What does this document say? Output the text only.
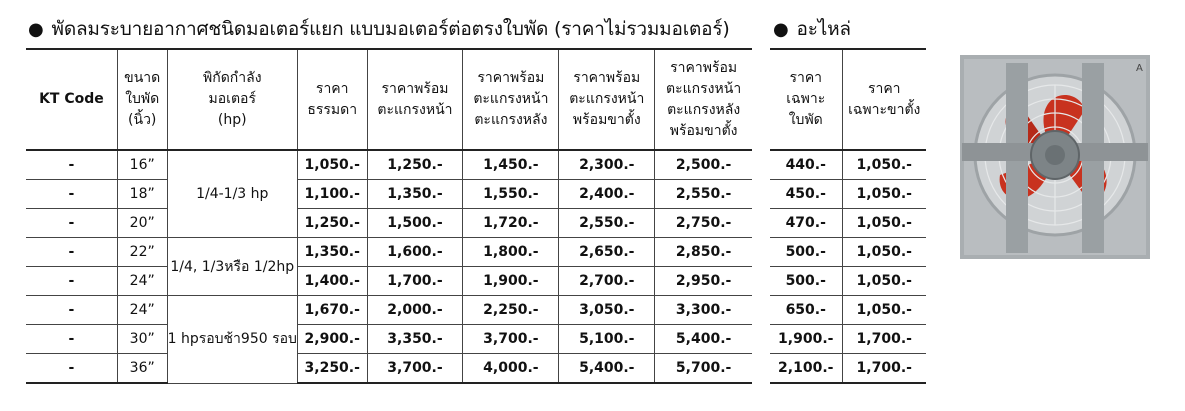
● พัดลมระบายอากาศชนิดมอเตอร์แยก แบบมอเตอร์ต่อตรงใบพัด (ราคาไม่รวมมอเตอร์) ● อะไหล่
KT Code	ขนาด
ใบพัด
(นิ้ว)	พิกัดกำลัง
มอเตอร์
(hp)	ราคา
ธรรมดา	ราคาพร้อม
ตะแกรงหน้า	ราคาพร้อม
ตะแกรงหน้า
ตะแกรงหลัง	ราคาพร้อม
ตะแกรงหน้า
พร้อมขาตั้ง	ราคาพร้อม
ตะแกรงหน้า
ตะแกรงหลัง
พร้อมขาตั้ง

-	16”	1/4-1/3 hp	1,050.-	1,250.-	1,450.-	2,300.-	2,500.-
-	18”		1,100.-	1,350.-	1,550.-	2,400.-	2,550.-
-	20”		1,250.-	1,500.-	1,720.-	2,550.-	2,750.-
-	22”	1/4, 1/3หรือ 1/2hp	1,350.-	1,600.-	1,800.-	2,650.-	2,850.-
-	24”		1,400.-	1,700.-	1,900.-	2,700.-	2,950.-
-	24”	1 hpรอบช้า950 รอบ	1,670.-	2,000.-	2,250.-	3,050.-	3,300.-
-	30”		2,900.-	3,350.-	3,700.-	5,100.-	5,400.-
-	36”		3,250.-	3,700.-	4,000.-	5,400.-	5,700.-
ราคา
เฉพาะ
ใบพัด	ราคา
เฉพาะขาตั้ง

440.-	1,050.-
450.-	1,050.-
470.-	1,050.-
500.-	1,050.-
500.-	1,050.-
650.-	1,050.-
1,900.-	1,700.-
2,100.-	1,700.-
A
